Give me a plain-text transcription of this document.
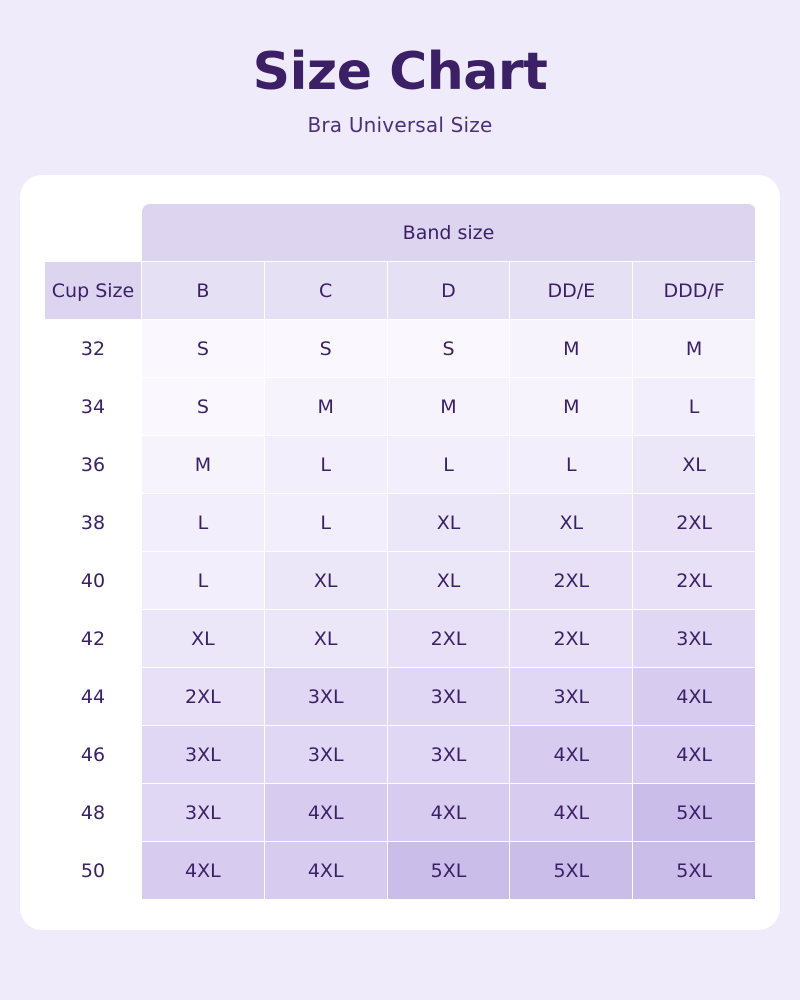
Size Chart
Bra Universal Size
	Band size				
Cup Size	B	C	D	DD/E	DDD/F
32	S	S	S	M	M
34	S	M	M	M	L
36	M	L	L	L	XL
38	L	L	XL	XL	2XL
40	L	XL	XL	2XL	2XL
42	XL	XL	2XL	2XL	3XL
44	2XL	3XL	3XL	3XL	4XL
46	3XL	3XL	3XL	4XL	4XL
48	3XL	4XL	4XL	4XL	5XL
50	4XL	4XL	5XL	5XL	5XL
